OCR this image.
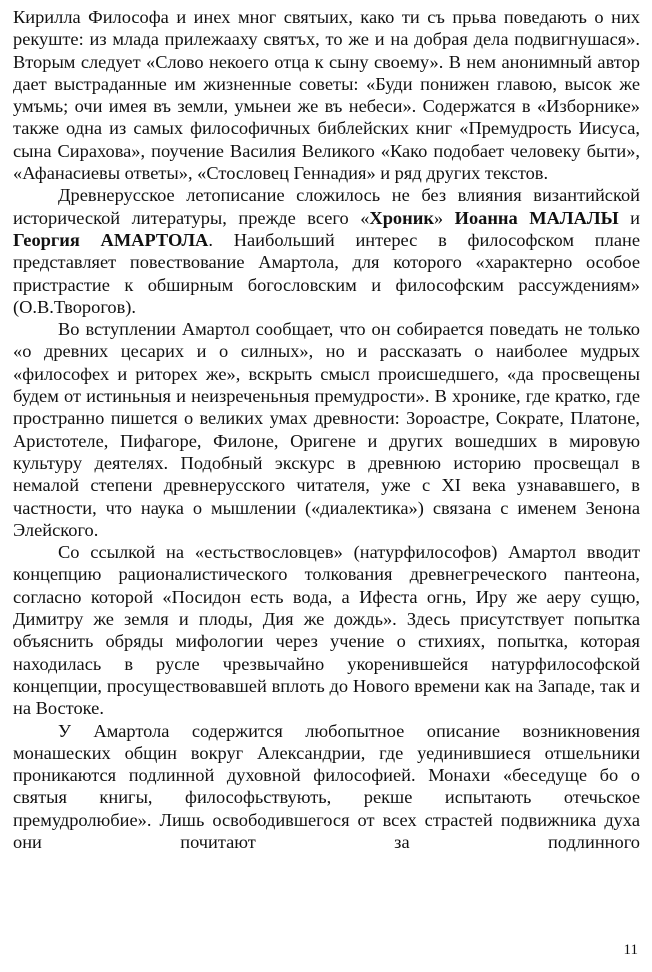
Кирилла Философа и инех мног святыих, како ти съ прьва поведають о них рекуште: из млада прилежааху святъх, то же и на добрая дела подвигнушася». Вторым следует «Слово некоего отца к сыну своему». В нем анонимный автор дает выстраданные им жизненные советы: «Буди понижен главою, высок же умъмь; очи имея въ земли, умьнеи же въ небеси». Содержатся в «Изборнике» также одна из самых философичных библейских книг «Премудрость Иисуса, сына Сирахова», поучение Василия Великого «Како подобает человеку быти», «Афанасиевы ответы», «Стословец Геннадия» и ряд других текстов.

Древнерусское летописание сложилось не без влияния византийской исторической литературы, прежде всего «Хроник» Иоанна МАЛАЛЫ и Георгия АМАРТОЛА. Наибольший интерес в философском плане представляет повествование Амартола, для которого «характерно особое пристрастие к обширным богословским и философским рассуждениям» (О.В.Творогов).

Во вступлении Амартол сообщает, что он собирается поведать не только «о древних цесарих и о силных», но и рассказать о наиболее мудрых «философех и риторех же», вскрыть смысл происшедшего, «да просвещены будем от истиньныя и неизреченьныя премудрости». В хронике, где кратко, где пространно пишется о великих умах древности: Зороастре, Сократе, Платоне, Аристотеле, Пифагоре, Филоне, Оригене и других вошедших в мировую культуру деятелях. Подобный экскурс в древнюю историю просвещал в немалой степени древнерусского читателя, уже с XI века узнававшего, в частности, что наука о мышлении («диалектика») связана с именем Зенона Элейского.

Со ссылкой на «естьствословцев» (натурфилософов) Амартол вводит концепцию рационалистического толкования древнегреческого пантеона, согласно которой «Посидон есть вода, а Ифеста огнь, Иру же аеру сущю, Димитру же земля и плоды, Дия же дождь». Здесь присутствует попытка объяснить обряды мифологии через учение о стихиях, попытка, которая находилась в русле чрезвычайно укоренившейся натурфилософской концепции, просуществовавшей вплоть до Нового времени как на Западе, так и на Востоке.

У Амартола содержится любопытное описание возникновения монашеских общин вокруг Александрии, где уединившиеся отшельники проникаются подлинной духовной философией. Монахи «беседуще бо о святыя книгы, философьствують, рекше испытають отечьское премудролюбие». Лишь освободившегося от всех страстей подвижника духа они почитают за подлинного

11
